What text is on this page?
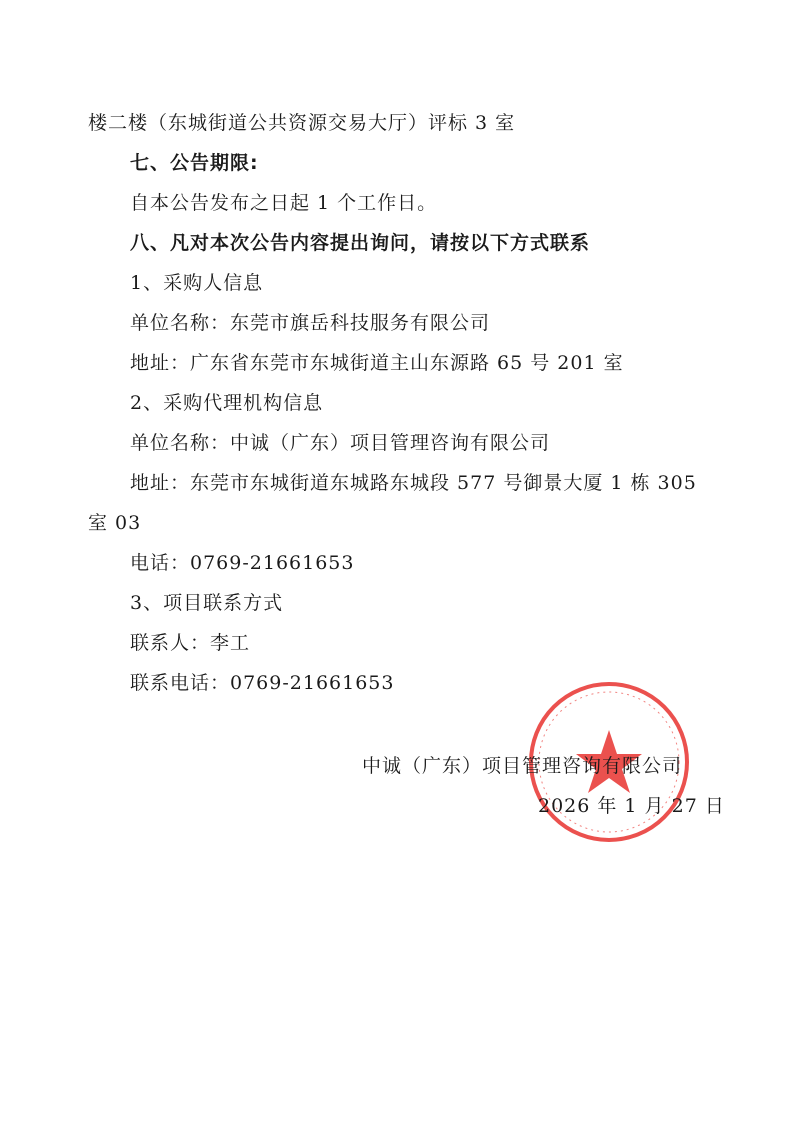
楼二楼（东城街道公共资源交易大厅）评标 3 室
七、公告期限:
自本公告发布之日起 1 个工作日。
八、凡对本次公告内容提出询问，请按以下方式联系
1、采购人信息
单位名称：东莞市旗岳科技服务有限公司
地址：广东省东莞市东城街道主山东源路 65 号 201 室
2、采购代理机构信息
单位名称：中诚（广东）项目管理咨询有限公司
地址：东莞市东城街道东城路东城段 577 号御景大厦 1 栋 305
室 03
电话：0769-21661653
3、项目联系方式
联系人：李工
联系电话：0769-21661653
中诚（广东）项目管理咨询有限公司
2026 年 1 月 27 日
